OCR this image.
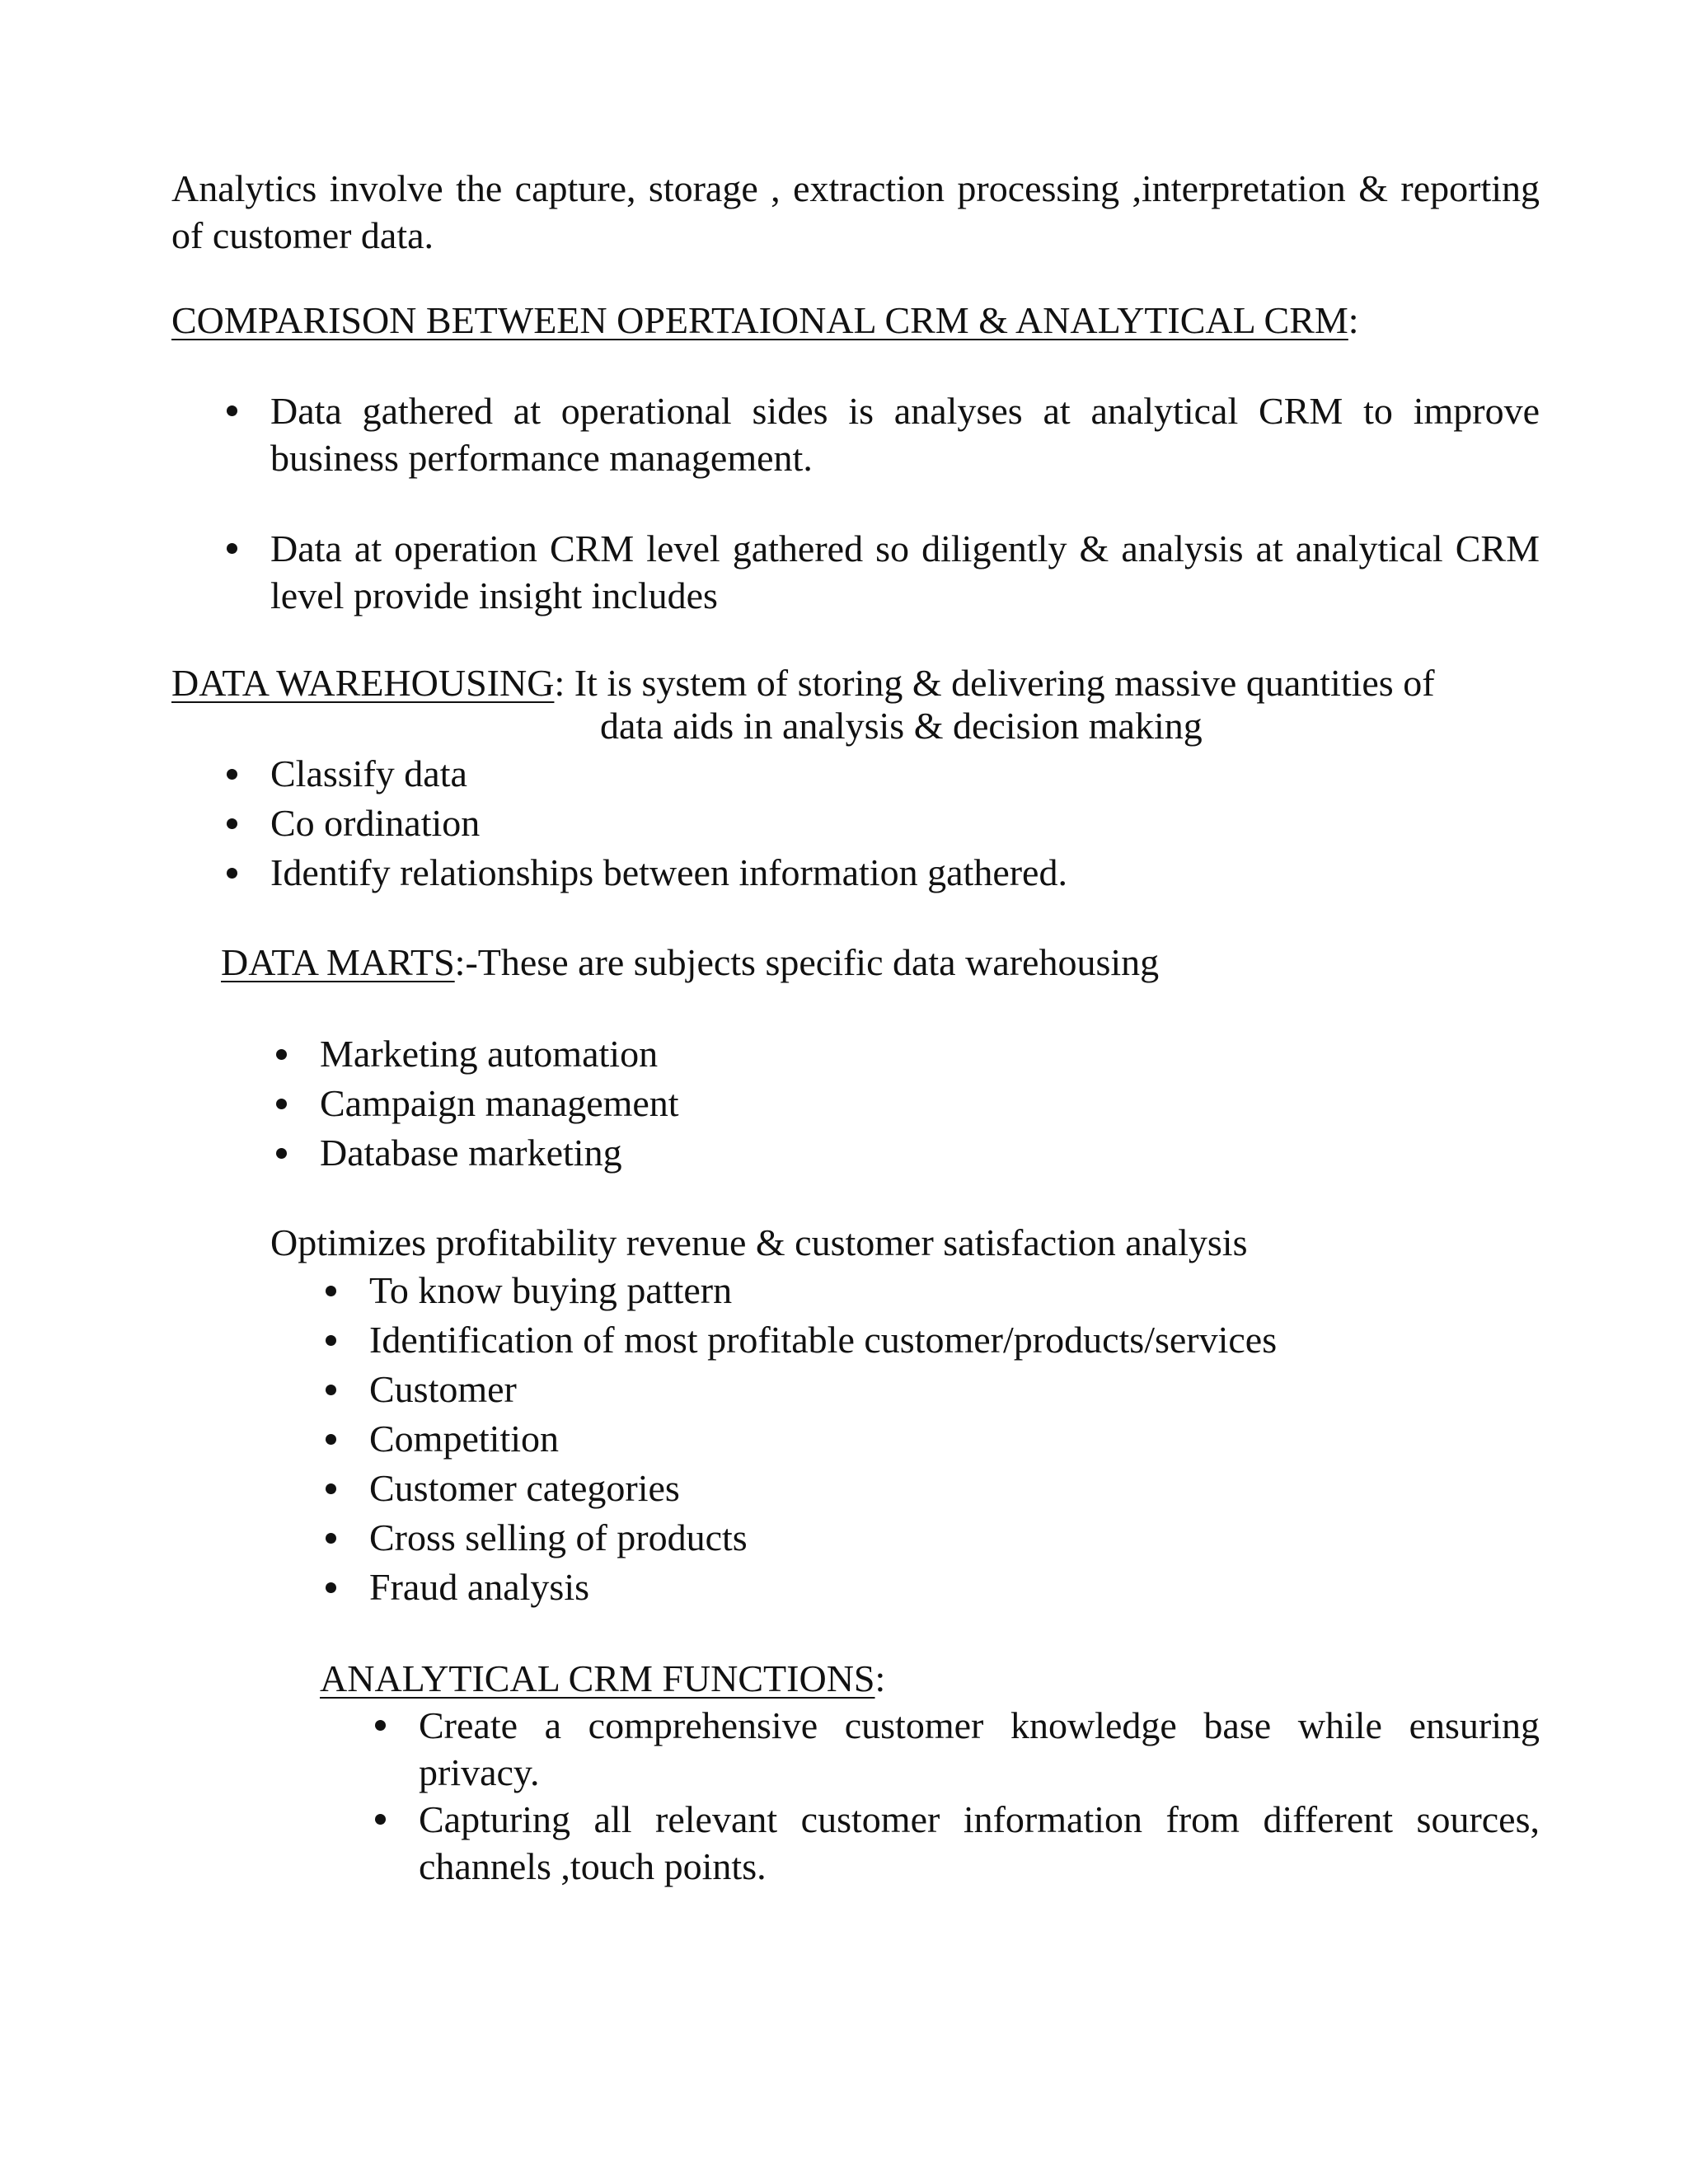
Analytics involve the capture, storage , extraction processing ,interpretation & reporting of customer data.

COMPARISON BETWEEN OPERTAIONAL CRM & ANALYTICAL CRM:

Data gathered at operational sides is analyses at analytical CRM to improve business performance management.
Data at operation CRM level gathered so diligently & analysis at analytical CRM level provide insight includes

DATA WAREHOUSING: It is system of storing & delivering massive quantities of

data aids in analysis & decision making

Classify data
Co ordination
Identify relationships between information gathered.

DATA MARTS:-These are subjects specific data warehousing

Marketing automation
Campaign management
Database marketing

Optimizes profitability revenue & customer satisfaction analysis

To know buying pattern
Identification of most profitable customer/products/services
Customer
Competition
Customer categories
Cross selling of products
Fraud analysis

ANALYTICAL CRM FUNCTIONS:

Create a comprehensive customer knowledge base while ensuring privacy.
Capturing all relevant customer information from different sources, channels ,touch points.
